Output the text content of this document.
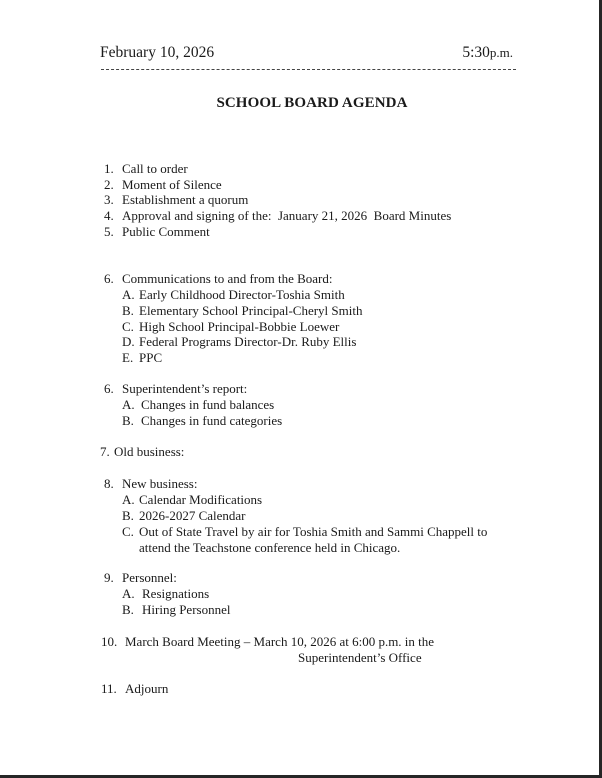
February 10, 2026	5:30p.m.
SCHOOL BOARD AGENDA
1. Call to order
2. Moment of Silence
3. Establishment a quorum
4. Approval and signing of the:  January 21, 2026  Board Minutes
5. Public Comment
6. Communications to and from the Board:
A. Early Childhood Director-Toshia Smith
B. Elementary School Principal-Cheryl Smith
C. High School Principal-Bobbie Loewer
D. Federal Programs Director-Dr. Ruby Ellis
E. PPC
6. Superintendent’s report:
A. Changes in fund balances
B. Changes in fund categories
7. Old business:
8. New business:
A. Calendar Modifications
B. 2026-2027 Calendar
C. Out of State Travel by air for Toshia Smith and Sammi Chappell to
attend the Teachstone conference held in Chicago.
9. Personnel:
A. Resignations
B. Hiring Personnel
10. March Board Meeting – March 10, 2026 at 6:00 p.m. in the
Superintendent’s Office
11. Adjourn
